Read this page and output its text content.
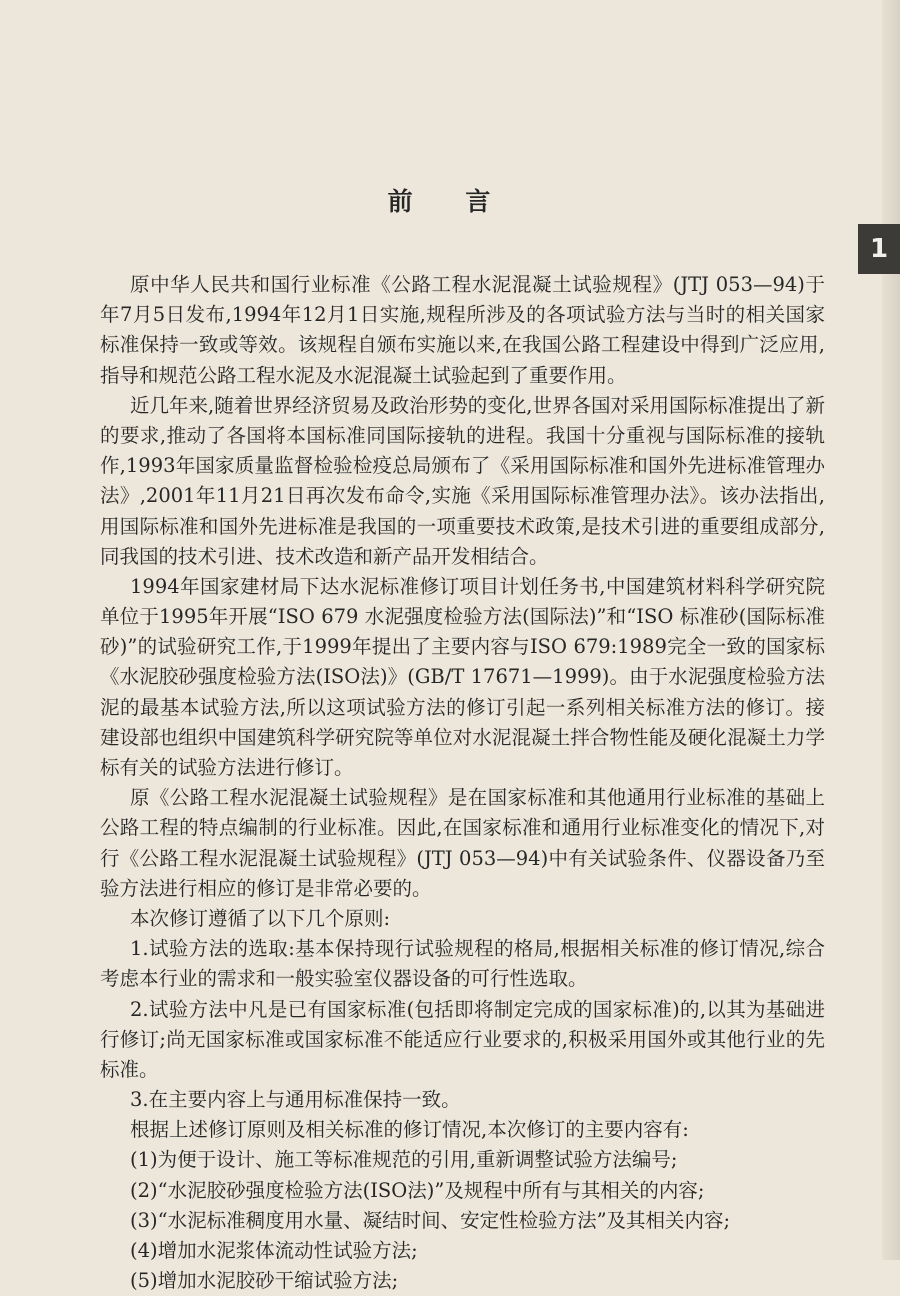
前 言
1
原中华人民共和国行业标准《公路工程水泥混凝土试验规程》(JTJ 053—94)于
年7月5日发布,1994年12月1日实施,规程所涉及的各项试验方法与当时的相关国家
标准保持一致或等效。该规程自颁布实施以来,在我国公路工程建设中得到广泛应用,
指导和规范公路工程水泥及水泥混凝土试验起到了重要作用。
近几年来,随着世界经济贸易及政治形势的变化,世界各国对采用国际标准提出了新
的要求,推动了各国将本国标准同国际接轨的进程。我国十分重视与国际标准的接轨
作,1993年国家质量监督检验检疫总局颁布了《采用国际标准和国外先进标准管理办
法》,2001年11月21日再次发布命令,实施《采用国际标准管理办法》。该办法指出,
用国际标准和国外先进标准是我国的一项重要技术政策,是技术引进的重要组成部分,
同我国的技术引进、技术改造和新产品开发相结合。
1994年国家建材局下达水泥标准修订项目计划任务书,中国建筑材料科学研究院
单位于1995年开展“ISO 679 水泥强度检验方法(国际法)”和“ISO 标准砂(国际标准
砂)”的试验研究工作,于1999年提出了主要内容与ISO 679:1989完全一致的国家标
《水泥胶砂强度检验方法(ISO法)》(GB/T 17671—1999)。由于水泥强度检验方法
泥的最基本试验方法,所以这项试验方法的修订引起一系列相关标准方法的修订。接
建设部也组织中国建筑科学研究院等单位对水泥混凝土拌合物性能及硬化混凝土力学
标有关的试验方法进行修订。
原《公路工程水泥混凝土试验规程》是在国家标准和其他通用行业标准的基础上
公路工程的特点编制的行业标准。因此,在国家标准和通用行业标准变化的情况下,对
行《公路工程水泥混凝土试验规程》(JTJ 053—94)中有关试验条件、仪器设备乃至
验方法进行相应的修订是非常必要的。
本次修订遵循了以下几个原则:
1.试验方法的选取:基本保持现行试验规程的格局,根据相关标准的修订情况,综合
考虑本行业的需求和一般实验室仪器设备的可行性选取。
2.试验方法中凡是已有国家标准(包括即将制定完成的国家标准)的,以其为基础进
行修订;尚无国家标准或国家标准不能适应行业要求的,积极采用国外或其他行业的先
标准。
3.在主要内容上与通用标准保持一致。
根据上述修订原则及相关标准的修订情况,本次修订的主要内容有:
(1)为便于设计、施工等标准规范的引用,重新调整试验方法编号;
(2)“水泥胶砂强度检验方法(ISO法)”及规程中所有与其相关的内容;
(3)“水泥标准稠度用水量、凝结时间、安定性检验方法”及其相关内容;
(4)增加水泥浆体流动性试验方法;
(5)增加水泥胶砂干缩试验方法;
